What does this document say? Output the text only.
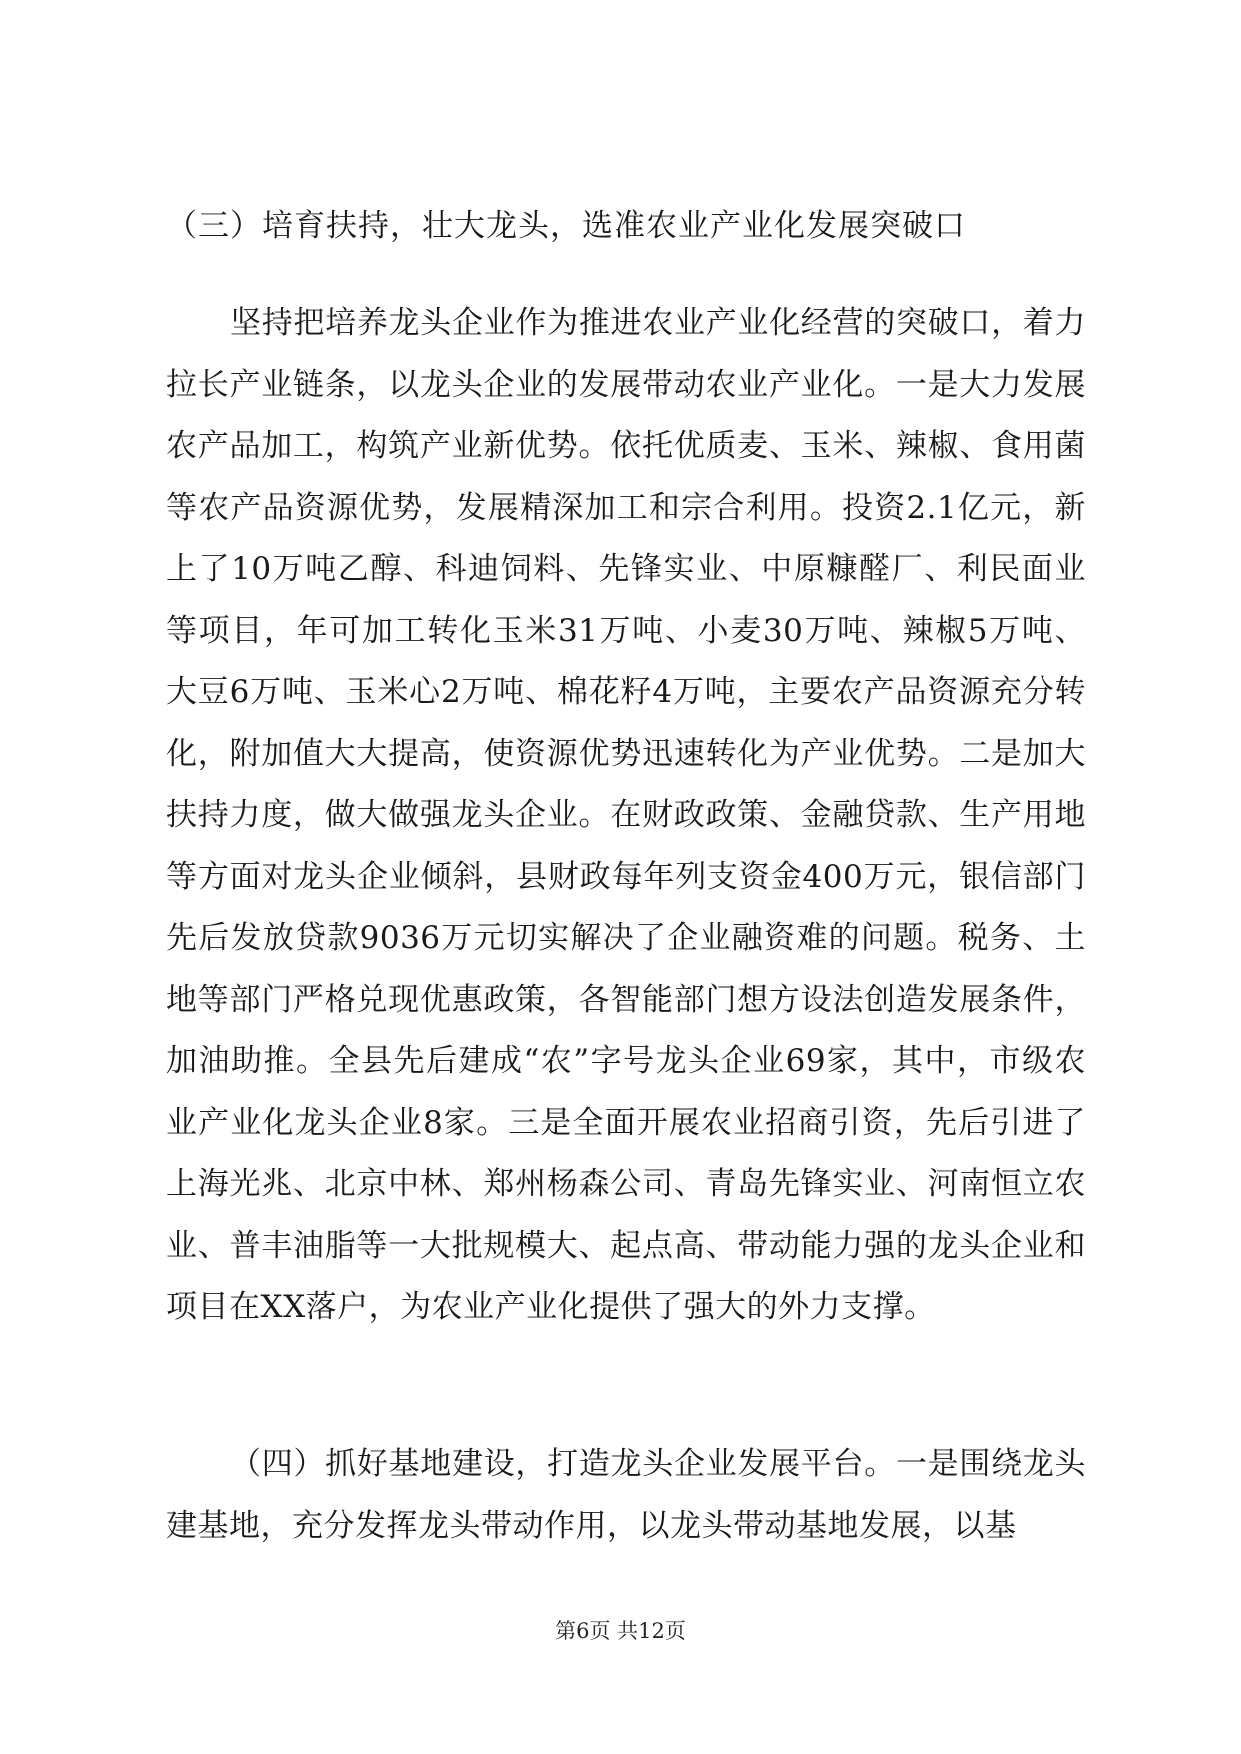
（三）培育扶持，壮大龙头，选准农业产业化发展突破口

坚持把培养龙头企业作为推进农业产业化经营的突破口，着力拉长产业链条，以龙头企业的发展带动农业产业化。一是大力发展农产品加工，构筑产业新优势。依托优质麦、玉米、辣椒、食用菌等农产品资源优势，发展精深加工和宗合利用。投资2.1亿元，新上了10万吨乙醇、科迪饲料、先锋实业、中原糠醛厂、利民面业等项目，年可加工转化玉米31万吨、小麦30万吨、辣椒5万吨、大豆6万吨、玉米心2万吨、棉花籽4万吨，主要农产品资源充分转化，附加值大大提高，使资源优势迅速转化为产业优势。二是加大扶持力度，做大做强龙头企业。在财政政策、金融贷款、生产用地等方面对龙头企业倾斜，县财政每年列支资金400万元，银信部门先后发放贷款9036万元切实解决了企业融资难的问题。税务、土地等部门严格兑现优惠政策，各智能部门想方设法创造发展条件，加油助推。全县先后建成“农”字号龙头企业69家，其中，市级农业产业化龙头企业8家。三是全面开展农业招商引资，先后引进了上海光兆、北京中林、郑州杨森公司、青岛先锋实业、河南恒立农业、普丰油脂等一大批规模大、起点高、带动能力强的龙头企业和项目在XX落户，为农业产业化提供了强大的外力支撑。

（四）抓好基地建设，打造龙头企业发展平台。一是围绕龙头建基地，充分发挥龙头带动作用，以龙头带动基地发展，以基

第6页 共12页
